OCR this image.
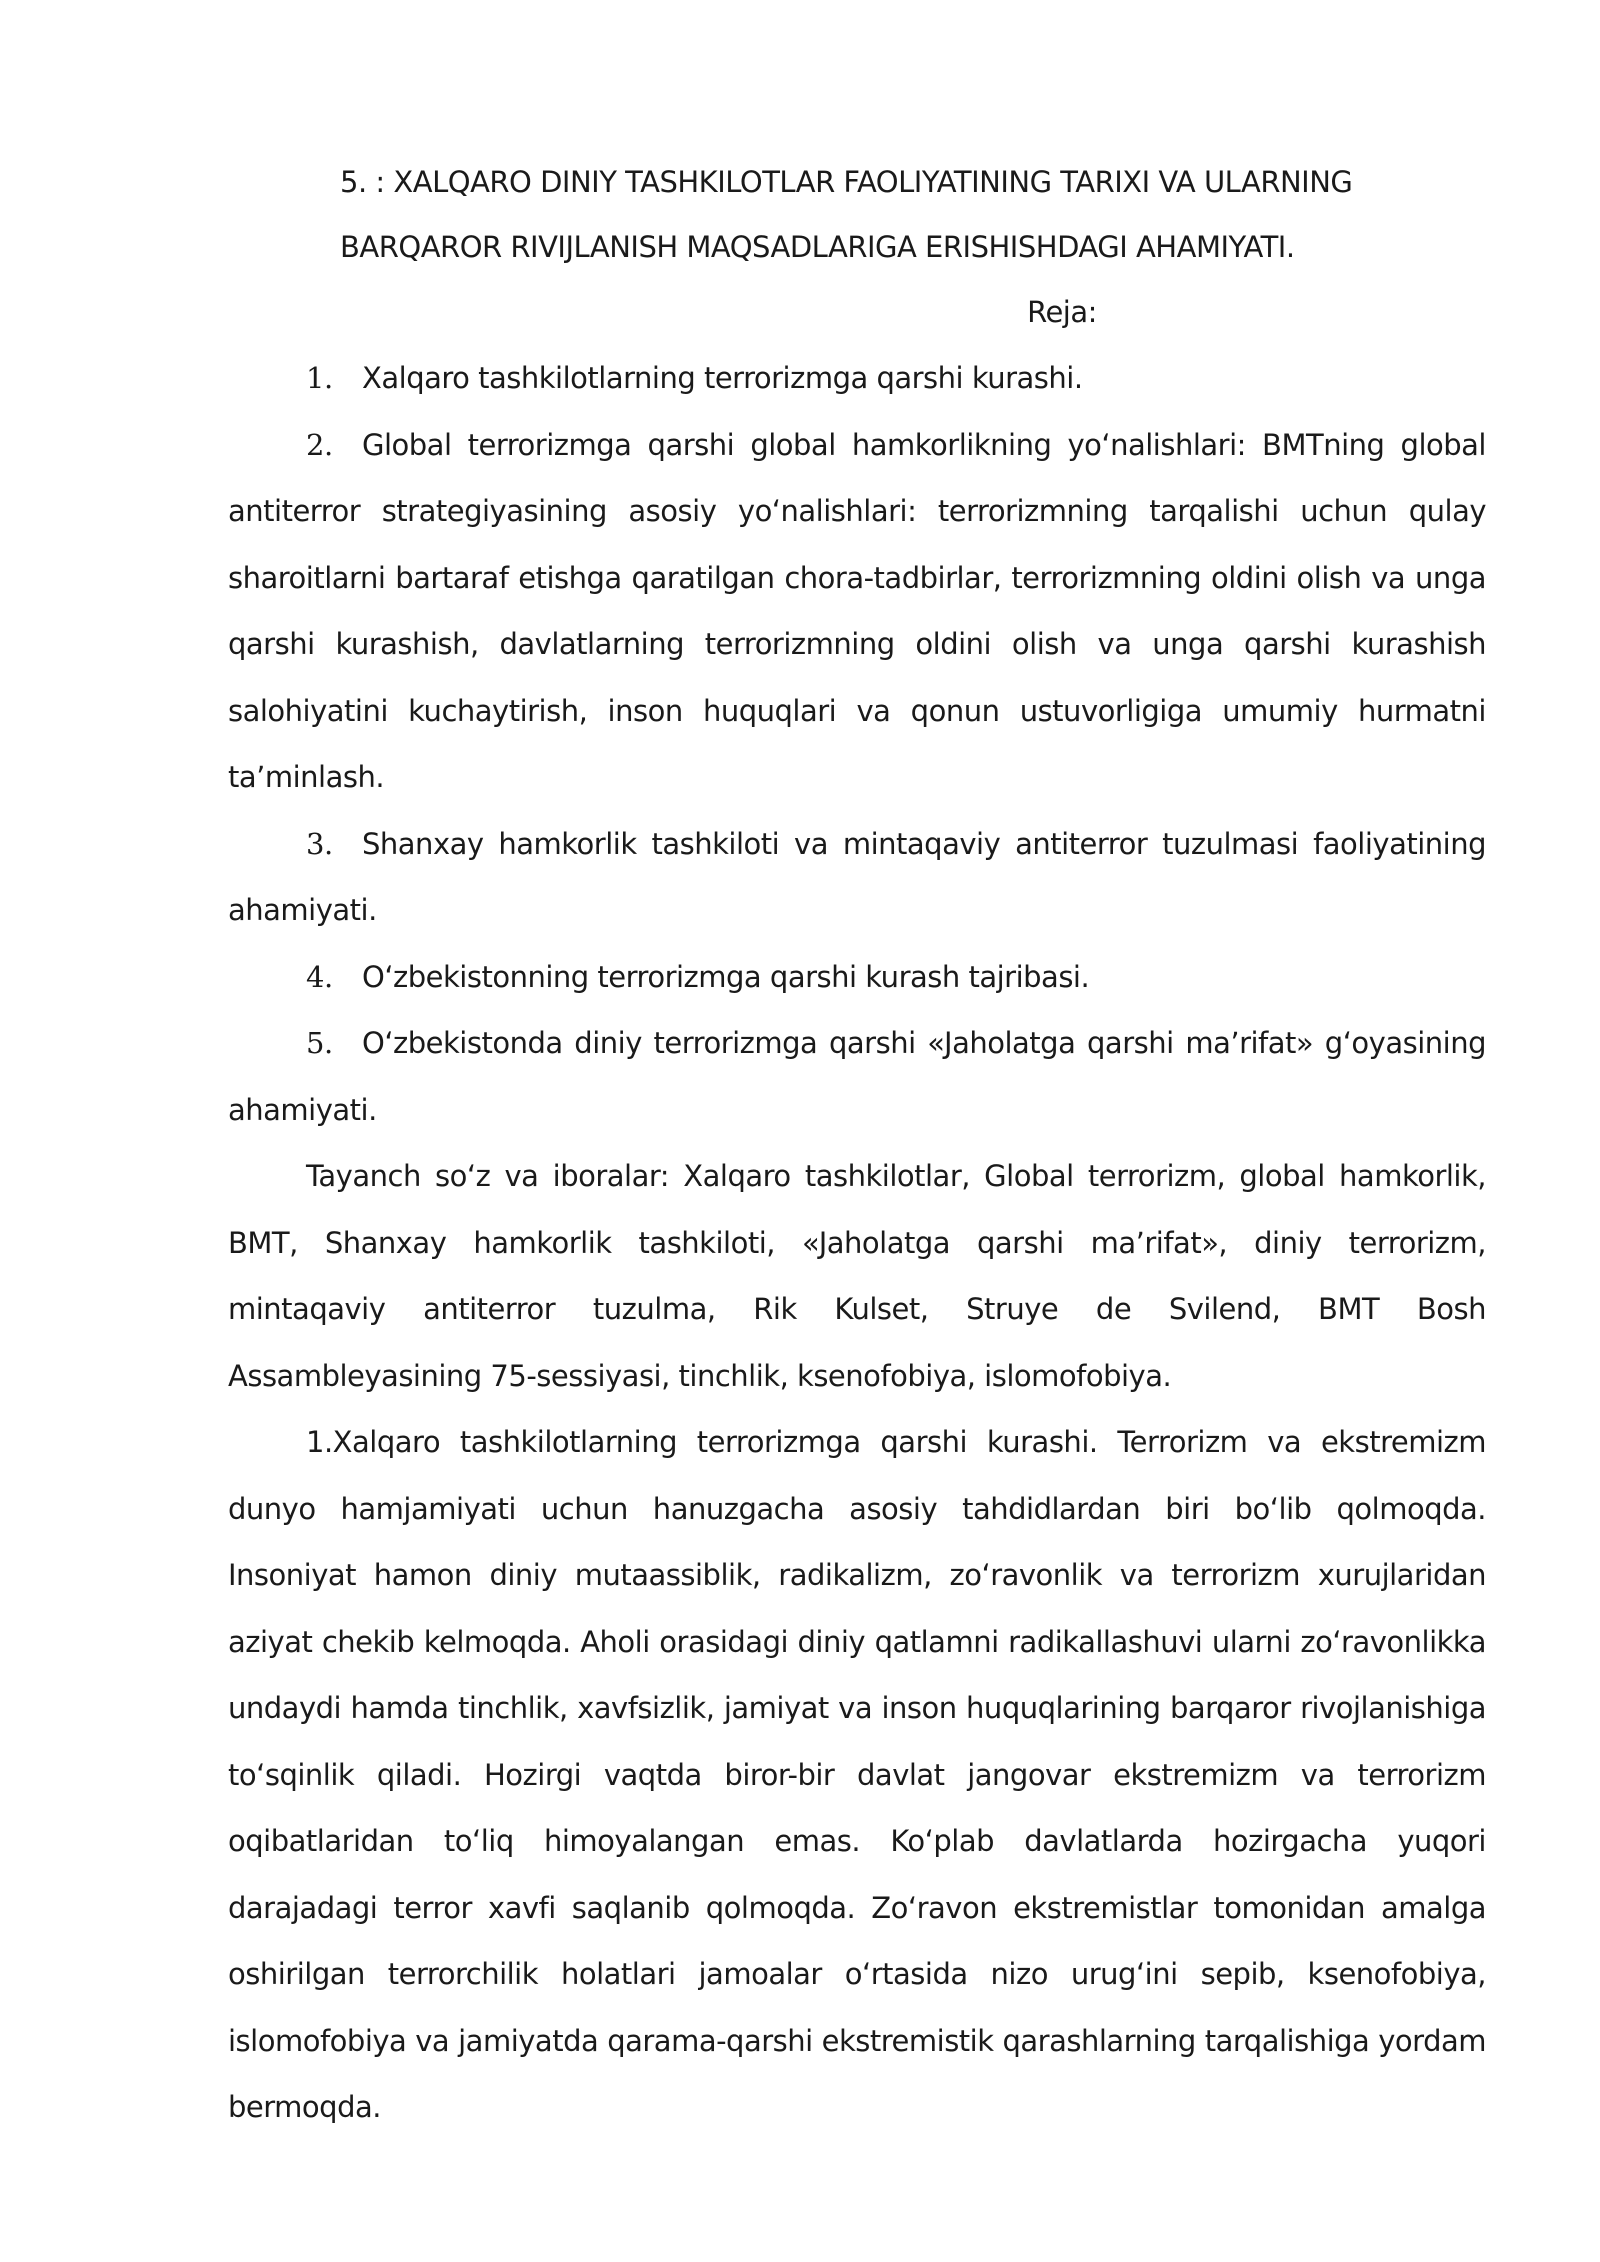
5. : XALQARO DINIY TASHKILOTLAR FAOLIYATINING TARIXI VA ULARNING BARQAROR RIVIJLANISH MAQSADLARIGA ERISHISHDAGI AHAMIYATI.

Reja:

1. Xalqaro tashkilotlarning terrorizmga qarshi kurashi.

2. Global terrorizmga qarshi global hamkorlikning yo‘nalishlari: BMTning global antiterror strategiyasining asosiy yo‘nalishlari: terrorizmning tarqalishi uchun qulay sharoitlarni bartaraf etishga qaratilgan chora-tadbirlar, terrorizmning oldini olish va unga qarshi kurashish, davlatlarning terrorizmning oldini olish va unga qarshi kurashish salohiyatini kuchaytirish, inson huquqlari va qonun ustuvorligiga umumiy hurmatni ta’minlash.

3. Shanxay hamkorlik tashkiloti va mintaqaviy antiterror tuzulmasi faoliyatining ahamiyati.

4. O‘zbekistonning terrorizmga qarshi kurash tajribasi.

5. O‘zbekistonda diniy terrorizmga qarshi «Jaholatga qarshi ma’rifat» g‘oyasining ahamiyati.

Tayanch so‘z va iboralar: Xalqaro tashkilotlar, Global terrorizm, global hamkorlik, BMT, Shanxay hamkorlik tashkiloti, «Jaholatga qarshi ma’rifat», diniy terrorizm, mintaqaviy antiterror tuzulma, Rik Kulset, Struye de Svilend, BMT Bosh Assambleyasining 75-sessiyasi, tinchlik, ksenofobiya, islomofobiya.

1.Xalqaro tashkilotlarning terrorizmga qarshi kurashi. Terrorizm va ekstremizm dunyo hamjamiyati uchun hanuzgacha asosiy tahdidlardan biri bo‘lib qolmoqda. Insoniyat hamon diniy mutaassiblik, radikalizm, zo‘ravonlik va terrorizm xurujlaridan aziyat chekib kelmoqda. Aholi orasidagi diniy qatlamni radikallashuvi ularni zo‘ravonlikka undaydi hamda tinchlik, xavfsizlik, jamiyat va inson huquqlarining barqaror rivojlanishiga to‘sqinlik qiladi. Hozirgi vaqtda biror-bir davlat jangovar ekstremizm va terrorizm oqibatlaridan to‘liq himoyalangan emas. Ko‘plab davlatlarda hozirgacha yuqori darajadagi terror xavfi saqlanib qolmoqda. Zo‘ravon ekstremistlar tomonidan amalga oshirilgan terrorchilik holatlari jamoalar o‘rtasida nizo urug‘ini sepib, ksenofobiya, islomofobiya va jamiyatda qarama-qarshi ekstremistik qarashlarning tarqalishiga yordam bermoqda.
